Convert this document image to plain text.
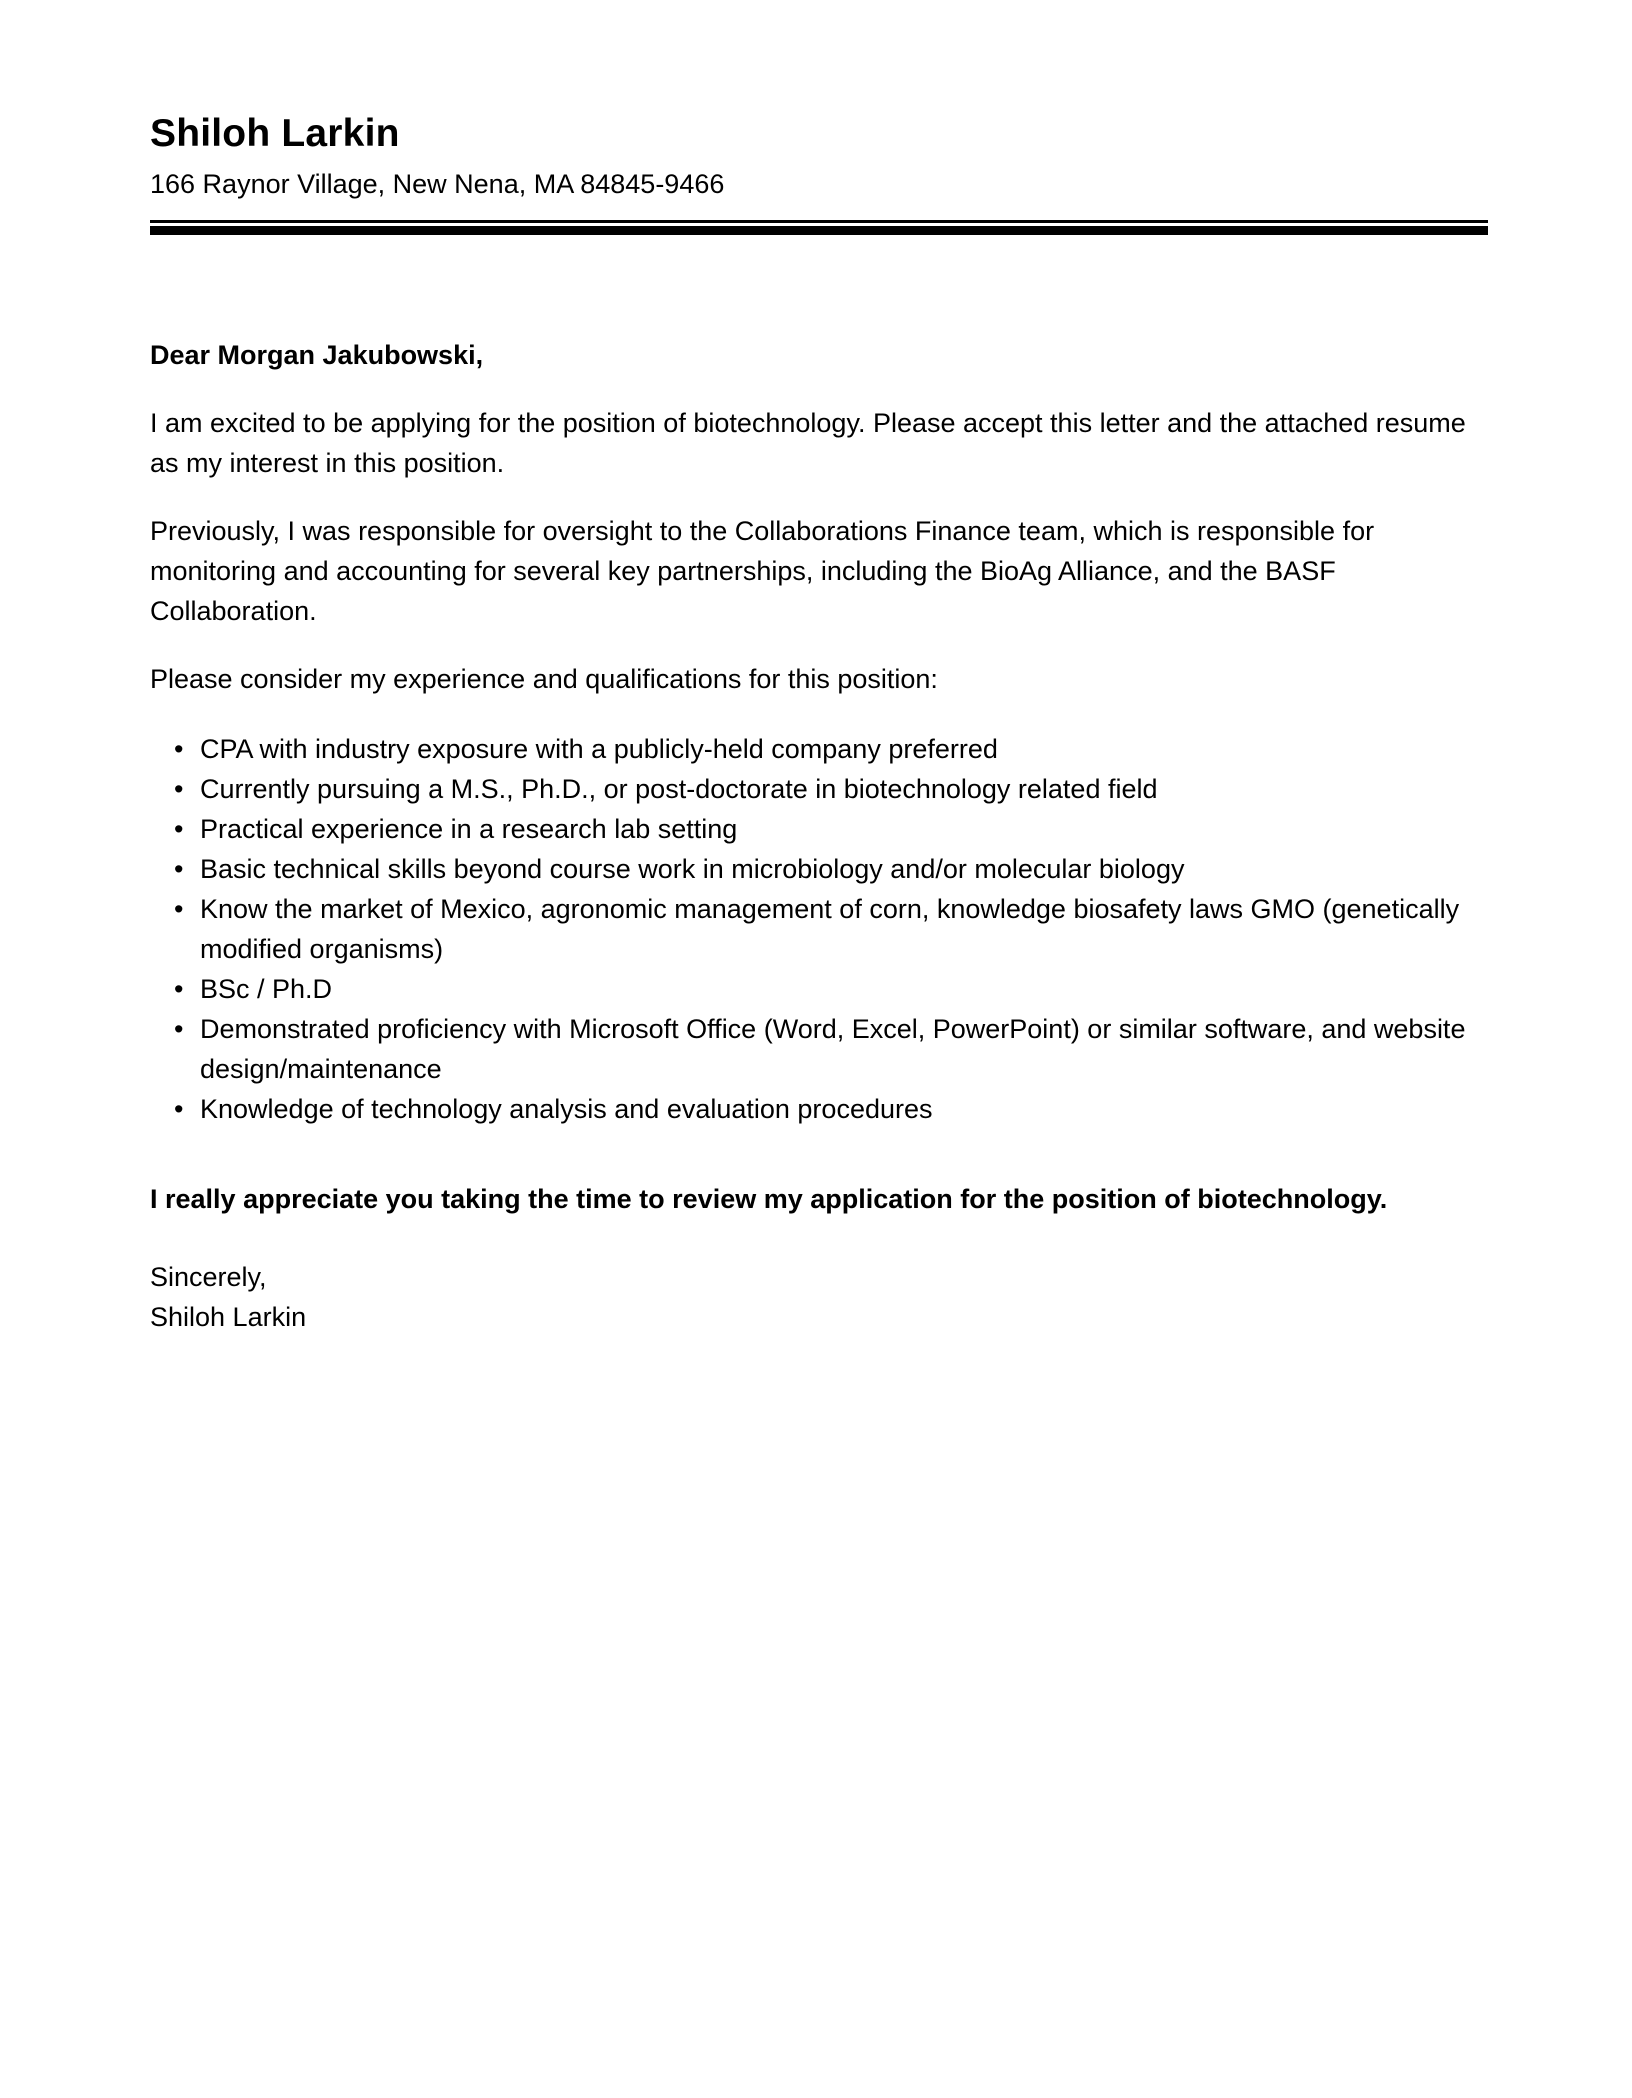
Shiloh Larkin

166 Raynor Village, New Nena, MA 84845-9466

Dear Morgan Jakubowski,

I am excited to be applying for the position of biotechnology. Please accept this letter and the attached resume as my interest in this position.

Previously, I was responsible for oversight to the Collaborations Finance team, which is responsible for monitoring and accounting for several key partnerships, including the BioAg Alliance, and the BASF Collaboration.

Please consider my experience and qualifications for this position:

• CPA with industry exposure with a publicly-held company preferred
• Currently pursuing a M.S., Ph.D., or post-doctorate in biotechnology related field
• Practical experience in a research lab setting
• Basic technical skills beyond course work in microbiology and/or molecular biology
• Know the market of Mexico, agronomic management of corn, knowledge biosafety laws GMO (genetically modified organisms)
• BSc / Ph.D
• Demonstrated proficiency with Microsoft Office (Word, Excel, PowerPoint) or similar software, and website design/maintenance
• Knowledge of technology analysis and evaluation procedures

I really appreciate you taking the time to review my application for the position of biotechnology.

Sincerely,

Shiloh Larkin
